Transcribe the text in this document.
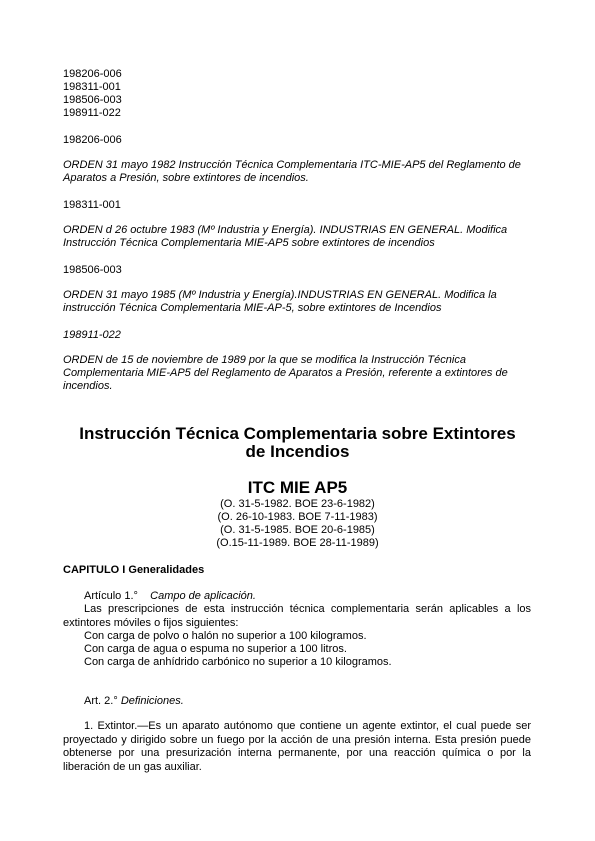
198206-006
198311-001
198506-003
198911-022
198206-006
ORDEN 31 mayo 1982 Instrucción Técnica Complementaria ITC-MIE-AP5 del Reglamento de
Aparatos a Presión, sobre extintores de incendios.
198311-001
ORDEN d 26 octubre 1983 (Mº Industria y Energía). INDUSTRIAS EN GENERAL. Modifica
Instrucción Técnica Complementaria MIE-AP5 sobre extintores de incendios
198506-003
ORDEN 31 mayo 1985 (Mº Industria y Energía).INDUSTRIAS EN GENERAL. Modifica la
instrucción Técnica Complementaria MIE-AP-5, sobre extintores de Incendios
198911-022
ORDEN de 15 de noviembre de 1989 por la que se modifica la Instrucción Técnica
Complementaria MIE-AP5 del Reglamento de Aparatos a Presión, referente a extintores de
incendios.
Instrucción Técnica Complementaria sobre Extintores
de Incendios
ITC MIE AP5
(O. 31-5-1982. BOE 23-6-1982)
(O. 26-10-1983. BOE 7-11-1983)
(O. 31-5-1985. BOE 20-6-1985)
(O.15-11-1989. BOE 28-11-1989)
CAPITULO I Generalidades
Artículo 1.° Campo de aplicación.
Las prescripciones de esta instrucción técnica complementaria serán aplicables a los
extintores móviles o fijos siguientes:
Con carga de polvo o halón no superior a 100 kilogramos.
Con carga de agua o espuma no superior a 100 litros.
Con carga de anhídrido carbónico no superior a 10 kilogramos.
Art. 2.° Definiciones.
1. Extintor.—Es un aparato autónomo que contiene un agente extintor, el cual puede ser
proyectado y dirigido sobre un fuego por la acción de una presión interna. Esta presión puede
obtenerse por una presurización interna permanente, por una reacción química o por la
liberación de un gas auxiliar.
